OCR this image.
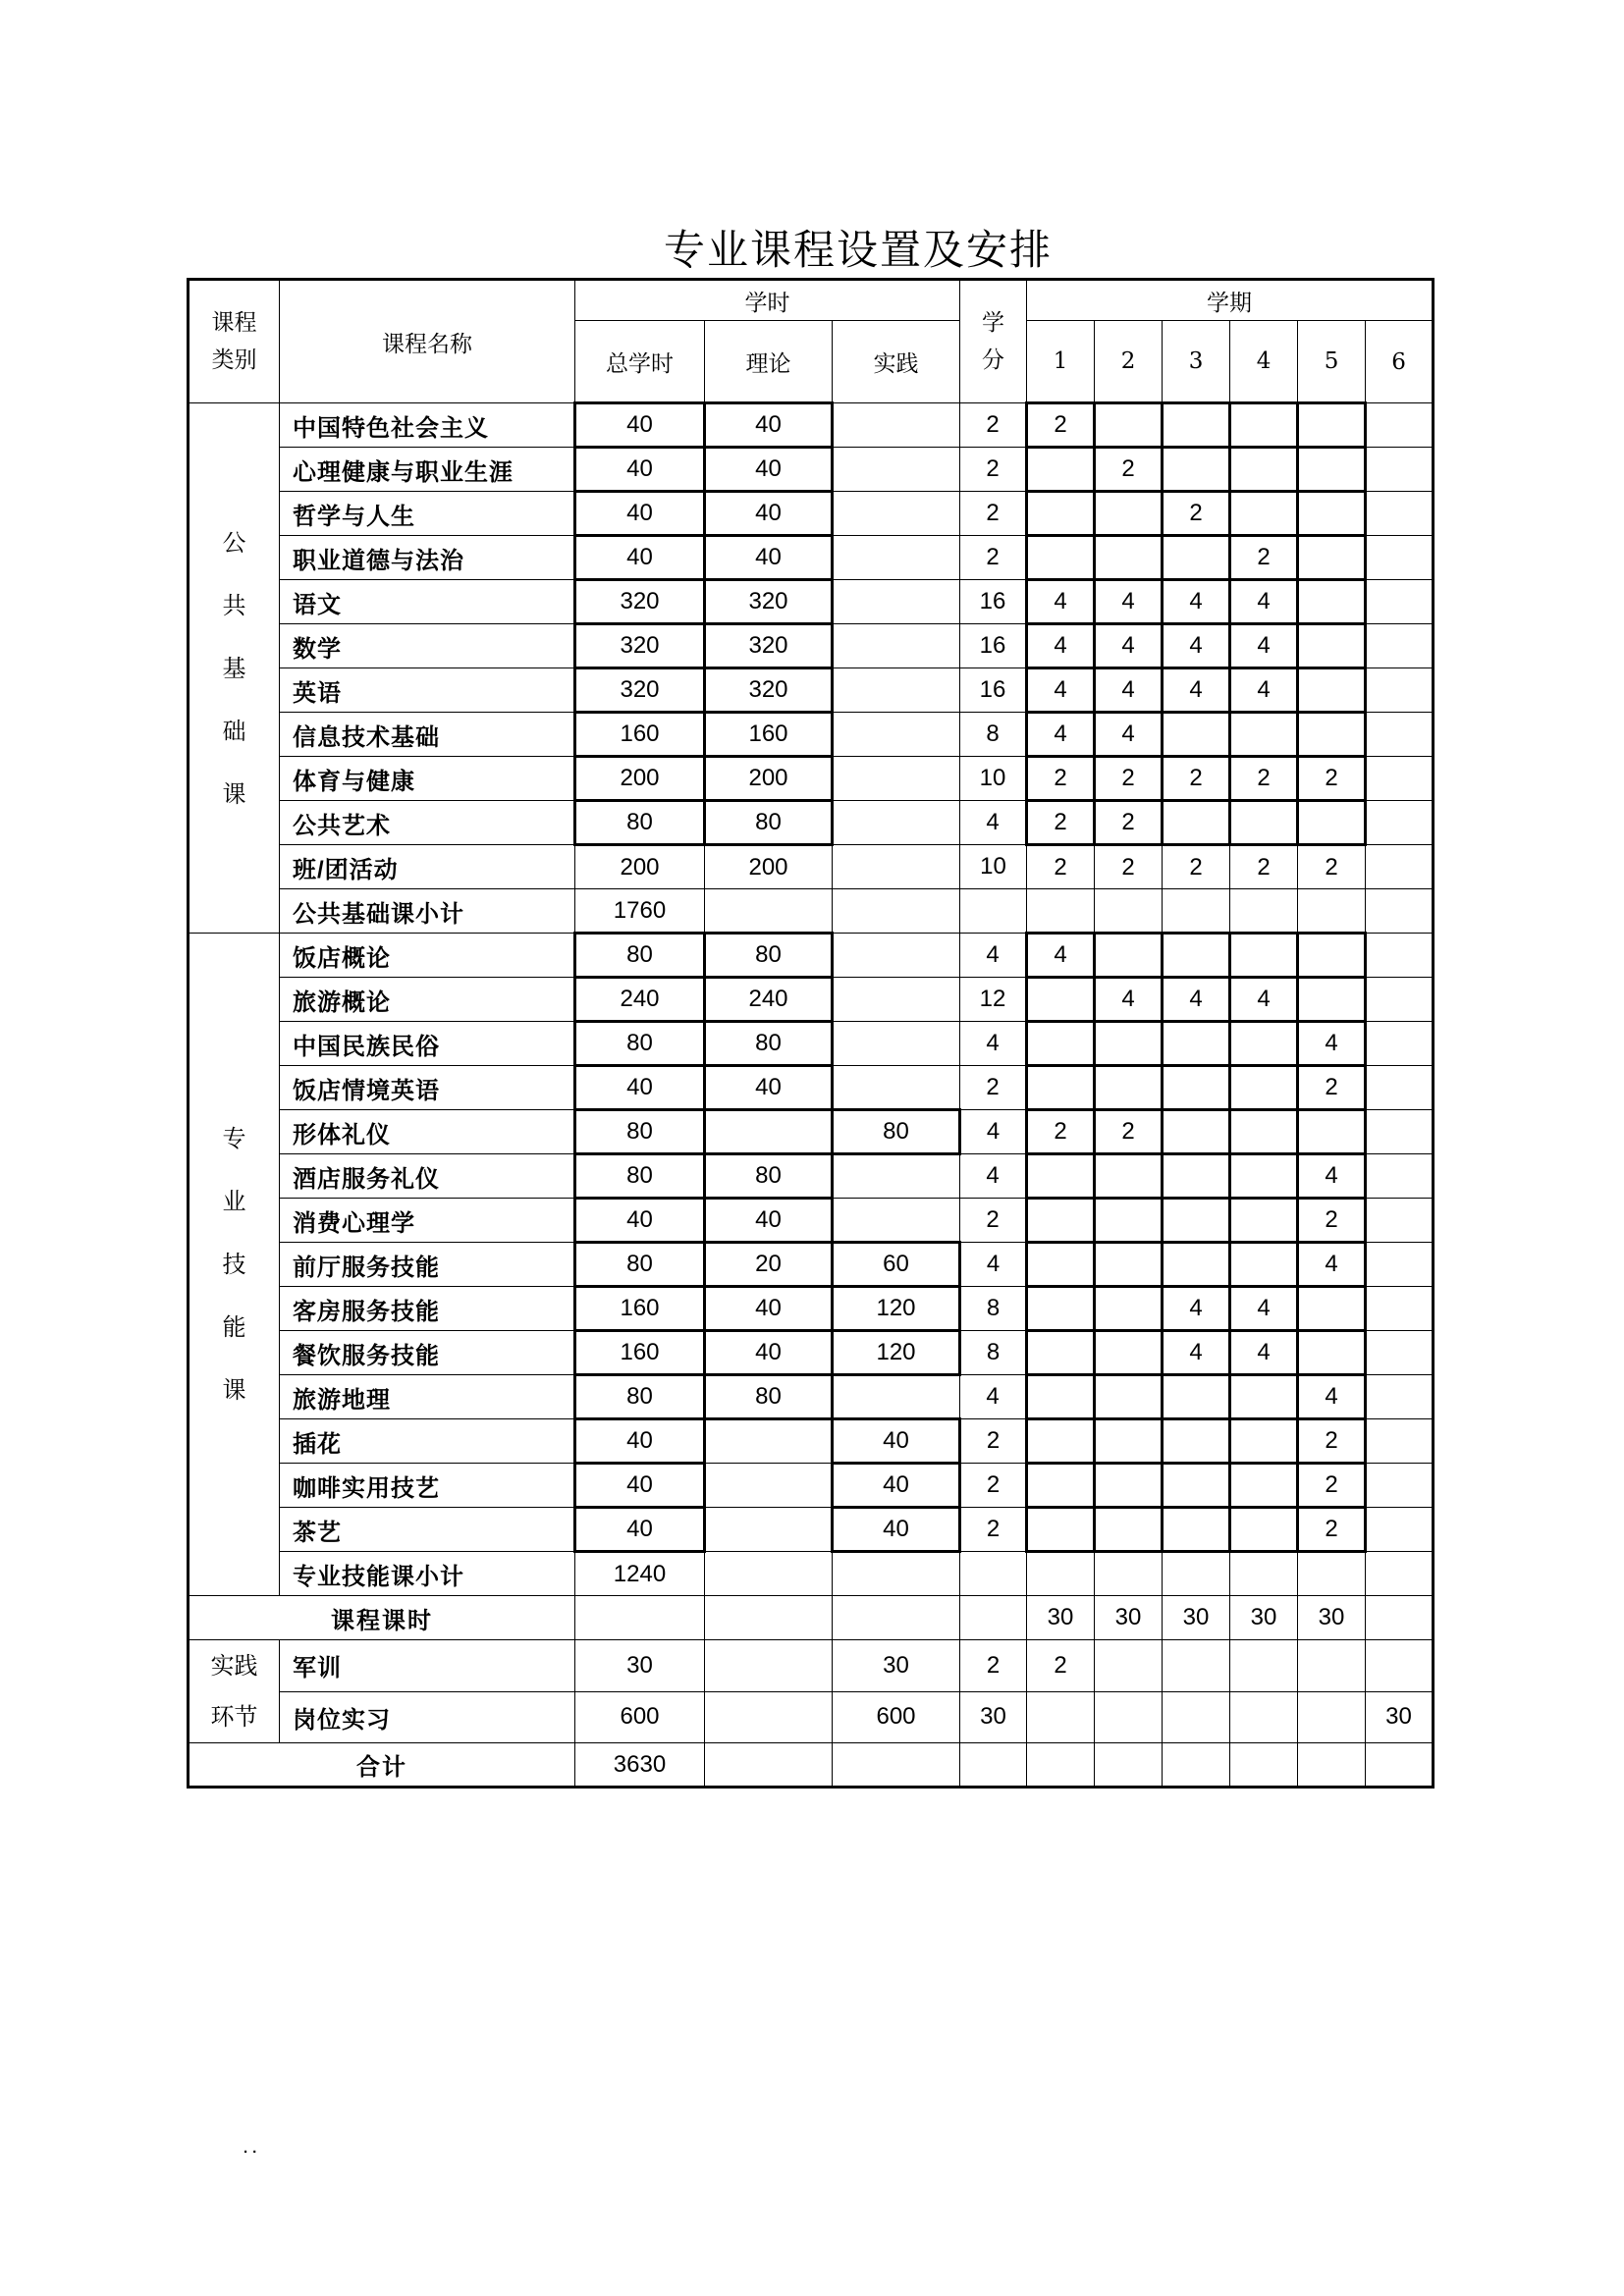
专业课程设置及安排
课程类别	课程名称	学时			学分	学期					
		总学时	理论	实践		1	2	3	4	5	6

公共基础课	中国特色社会主义	40	40		2	2					
	心理健康与职业生涯	40	40		2		2				
	哲学与人生	40	40		2			2			
	职业道德与法治	40	40		2				2		
	语文	320	320		16	4	4	4	4		
	数学	320	320		16	4	4	4	4		
	英语	320	320		16	4	4	4	4		
	信息技术基础	160	160		8	4	4				
	体育与健康	200	200		10	2	2	2	2	2	
	公共艺术	80	80		4	2	2				
	班/团活动	200	200		10	2	2	2	2	2	
	公共基础课小计	1760									

专业技能课	饭店概论	80	80		4	4					
	旅游概论	240	240		12		4	4	4		
	中国民族民俗	80	80		4					4	
	饭店情境英语	40	40		2					2	
	形体礼仪	80		80	4	2	2				
	酒店服务礼仪	80	80		4					4	
	消费心理学	40	40		2					2	
	前厅服务技能	80	20	60	4					4	
	客房服务技能	160	40	120	8			4	4		
	餐饮服务技能	160	40	120	8			4	4		
	旅游地理	80	80		4					4	
	插花	40		40	2					2	
	咖啡实用技艺	40		40	2					2	
	茶艺	40		40	2					2	
	专业技能课小计	1240									
课程课时						30	30	30	30	30	

实践环节	军训	30		30	2	2					
	岗位实习	600		600	30						30
合计		3630									
..
